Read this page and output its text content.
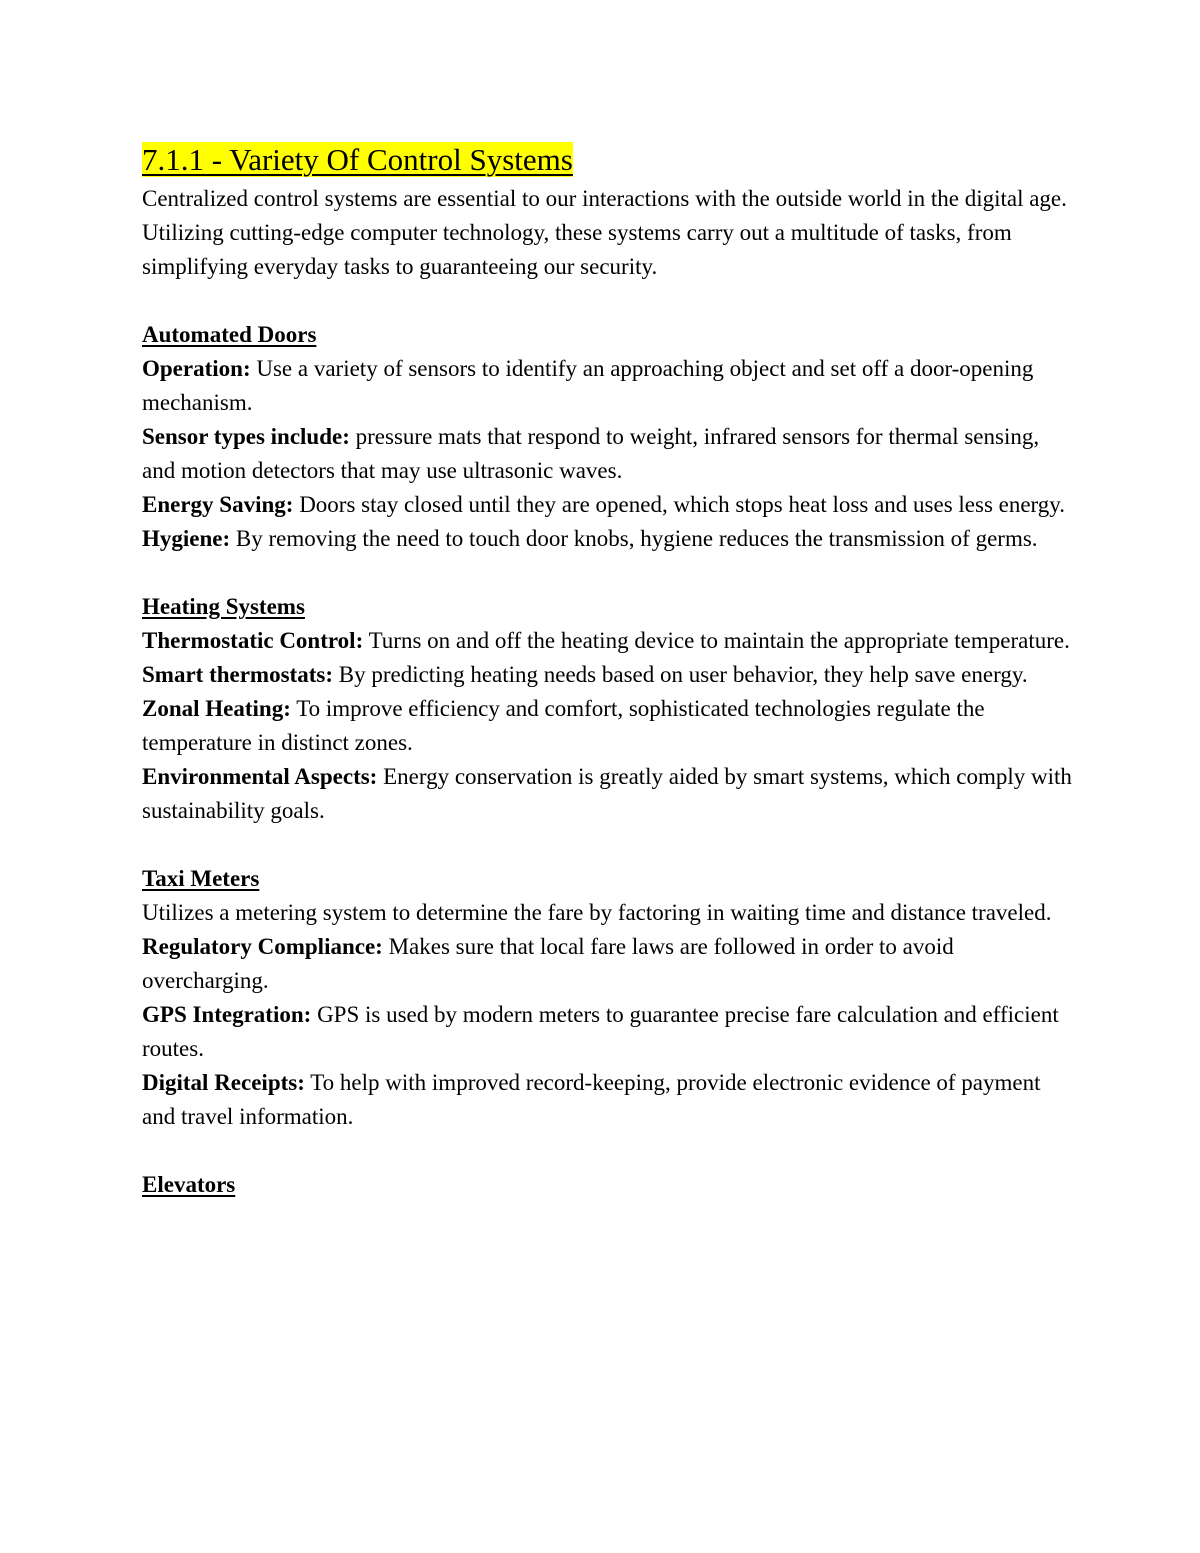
7.1.1 - Variety Of Control Systems

Centralized control systems are essential to our interactions with the outside world in the digital age. Utilizing cutting-edge computer technology, these systems carry out a multitude of tasks, from simplifying everyday tasks to guaranteeing our security.

Automated Doors

Operation: Use a variety of sensors to identify an approaching object and set off a door-opening mechanism.

Sensor types include: pressure mats that respond to weight, infrared sensors for thermal sensing, and motion detectors that may use ultrasonic waves.

Energy Saving: Doors stay closed until they are opened, which stops heat loss and uses less energy.

Hygiene: By removing the need to touch door knobs, hygiene reduces the transmission of germs.

Heating Systems

Thermostatic Control: Turns on and off the heating device to maintain the appropriate temperature.

Smart thermostats: By predicting heating needs based on user behavior, they help save energy.

Zonal Heating: To improve efficiency and comfort, sophisticated technologies regulate the temperature in distinct zones.

Environmental Aspects: Energy conservation is greatly aided by smart systems, which comply with sustainability goals.

Taxi Meters

Utilizes a metering system to determine the fare by factoring in waiting time and distance traveled.

Regulatory Compliance: Makes sure that local fare laws are followed in order to avoid overcharging.

GPS Integration: GPS is used by modern meters to guarantee precise fare calculation and efficient routes.

Digital Receipts: To help with improved record-keeping, provide electronic evidence of payment and travel information.

Elevators
